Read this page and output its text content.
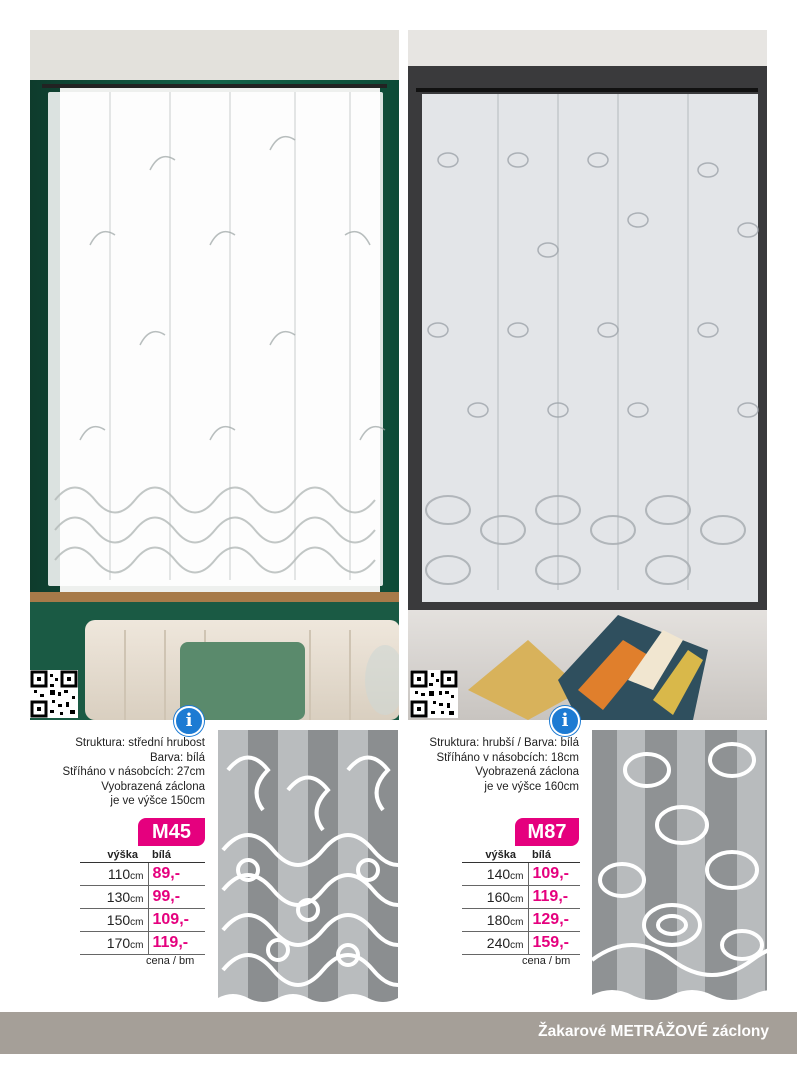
i	i
Struktura: střední hrubost
Barva: bílá
Stříháno v násobcích: 27cm
Vyobrazená záclona
je ve výšce 150cm
M45
výška	bílá
110cm	89,-
130cm	99,-
150cm	109,-
170cm	119,-
cena / bm
Struktura: hrubší / Barva: bílá
Stříháno v násobcích: 18cm
Vyobrazená záclona
je ve výšce 160cm
M87
výška	bílá
140cm	109,-
160cm	119,-
180cm	129,-
240cm	159,-
cena / bm
Žakarové METRÁŽOVÉ záclony
